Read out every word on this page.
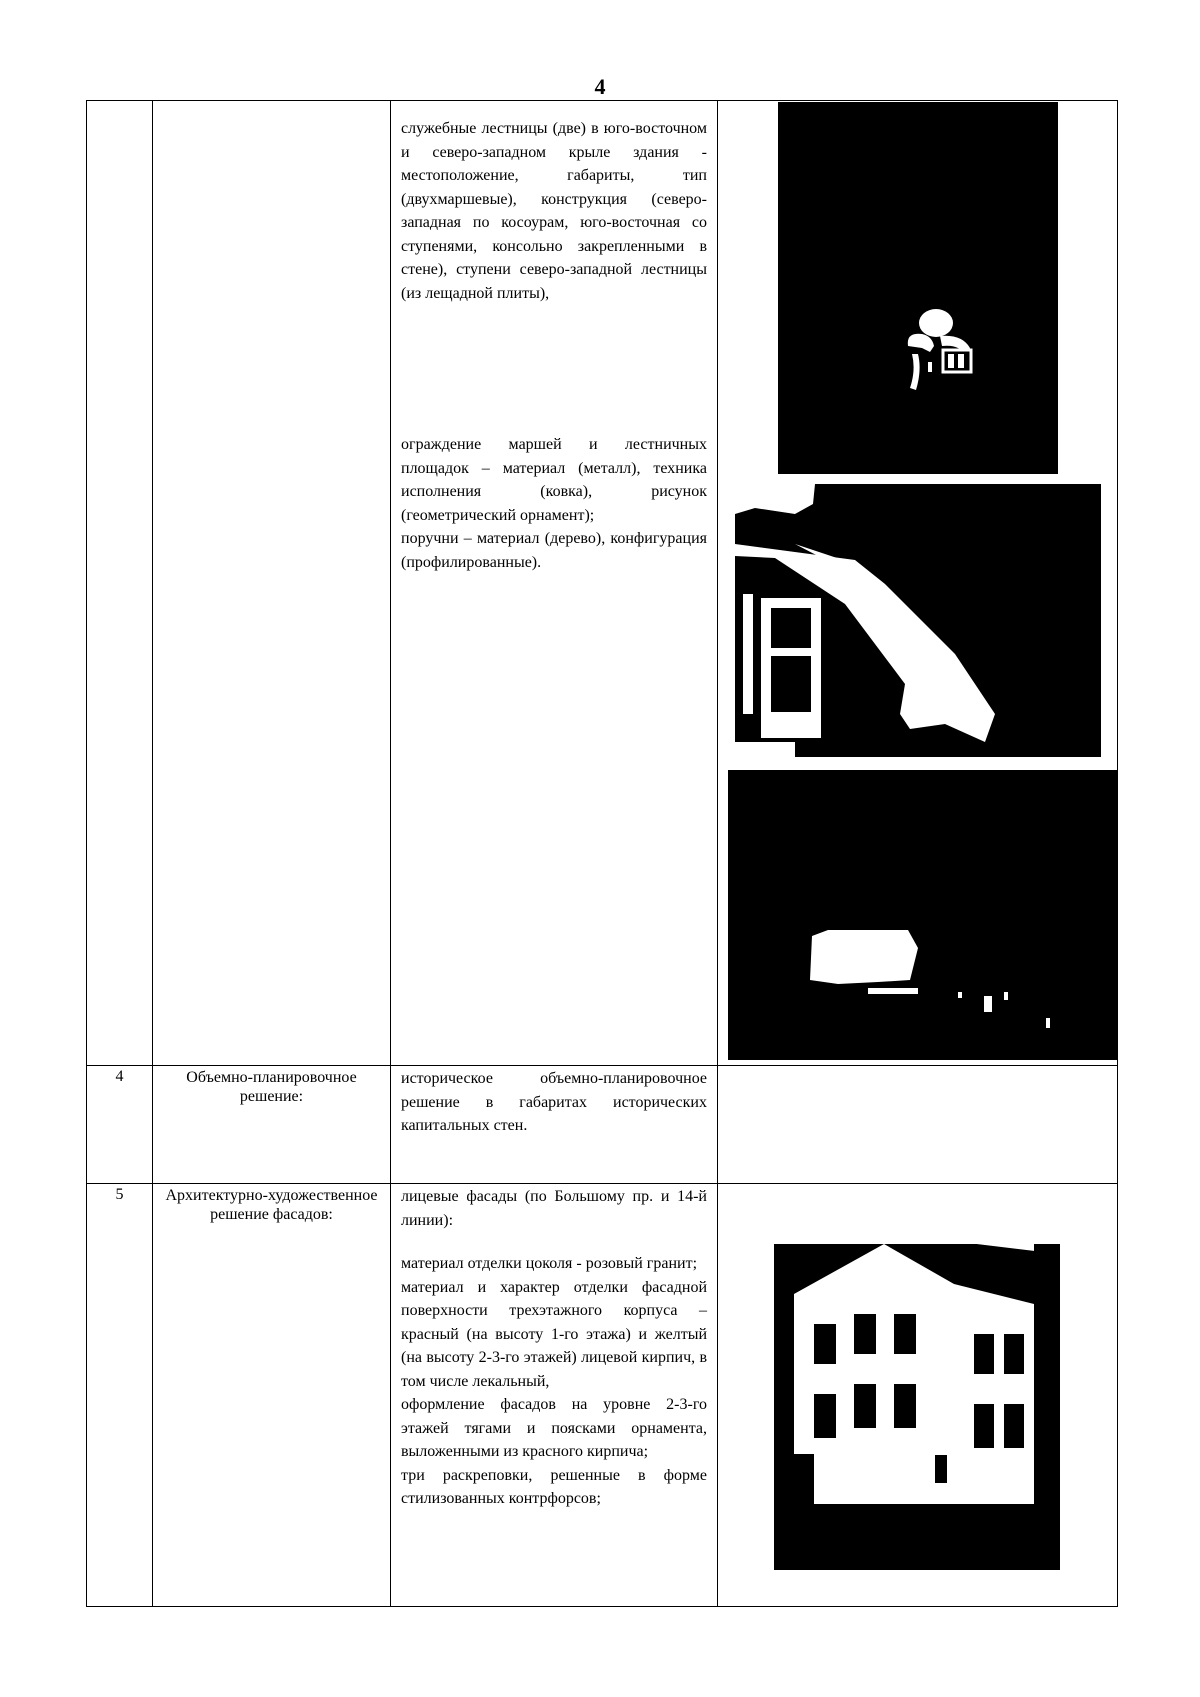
4

		служебные лестницы (две) в юго-восточном и северо-западном крыле здания - местоположение, габариты, тип (двухмаршевые), конструкция (северо-западная по косоурам, юго-восточная со ступенями, консольно закрепленными в стене), ступени северо-западной лестницы (из лещадной плиты),

ограждение маршей и лестничных площадок – материал (металл), техника исполнения (ковка), рисунок (геометрический орнамент);

поручни – материал (дерево), конфигурация (профилированные).	

4	Объемно-планировочное решение:	историческое объемно-планировочное решение в габаритах исторических капитальных стен.	

5	Архитектурно-художественное решение фасадов:	лицевые фасады (по Большому пр. и 14-й линии):

материал отделки цоколя - розовый гранит;

материал и характер отделки фасадной поверхности трехэтажного корпуса – красный (на высоту 1-го этажа) и желтый (на высоту 2-3-го этажей) лицевой кирпич, в том числе лекальный,

оформление фасадов на уровне 2-3-го этажей тягами и поясками орнамента, выложенными из красного кирпича;

три раскреповки, решенные в форме стилизованных контрфорсов;	
